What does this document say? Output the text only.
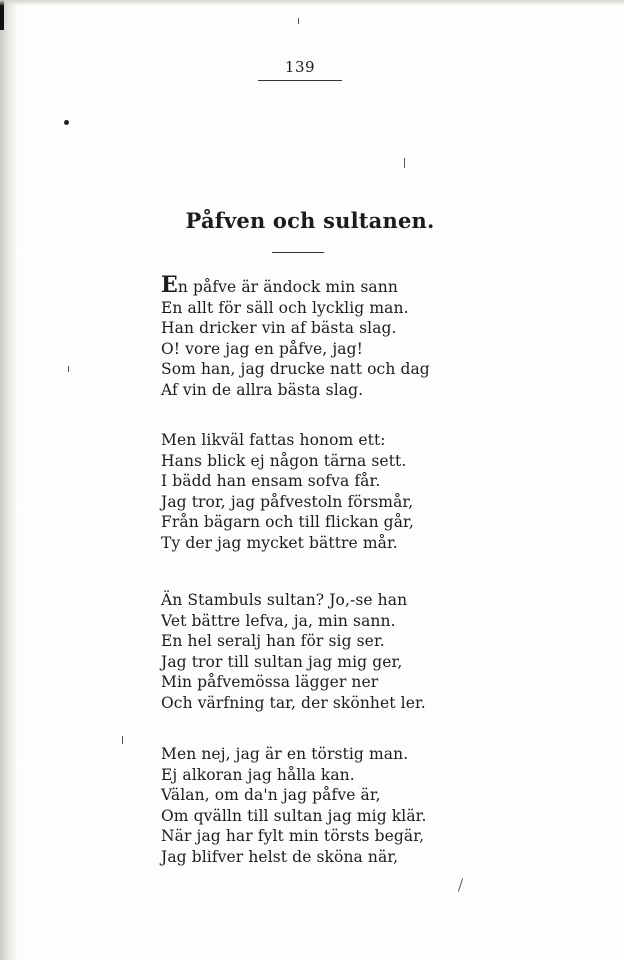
139
Påfven och sultanen.
En påfve är ändock min sann
En allt för säll och lycklig man.
Han dricker vin af bästa slag.
O! vore jag en påfve, jag!
Som han, jag drucke natt och dag
Af vin de allra bästa slag.
Men likväl fattas honom ett:
Hans blick ej någon tärna sett.
I bädd han ensam sofva får.
Jag tror, jag påfvestoln försmår,
Från bägarn och till flickan går,
Ty der jag mycket bättre mår.
Än Stambuls sultan? Jo,-se han
Vet bättre lefva, ja, min sann.
En hel seralj han för sig ser.
Jag tror till sultan jag mig ger,
Min påfvemössa lägger ner
Och värfning tar, der skönhet ler.
Men nej, jag är en törstig man.
Ej alkoran jag hålla kan.
Välan, om da'n jag påfve är,
Om qvälln till sultan jag mig klär.
När jag har fylt min törsts begär,
Jag blifver helst de sköna när,
